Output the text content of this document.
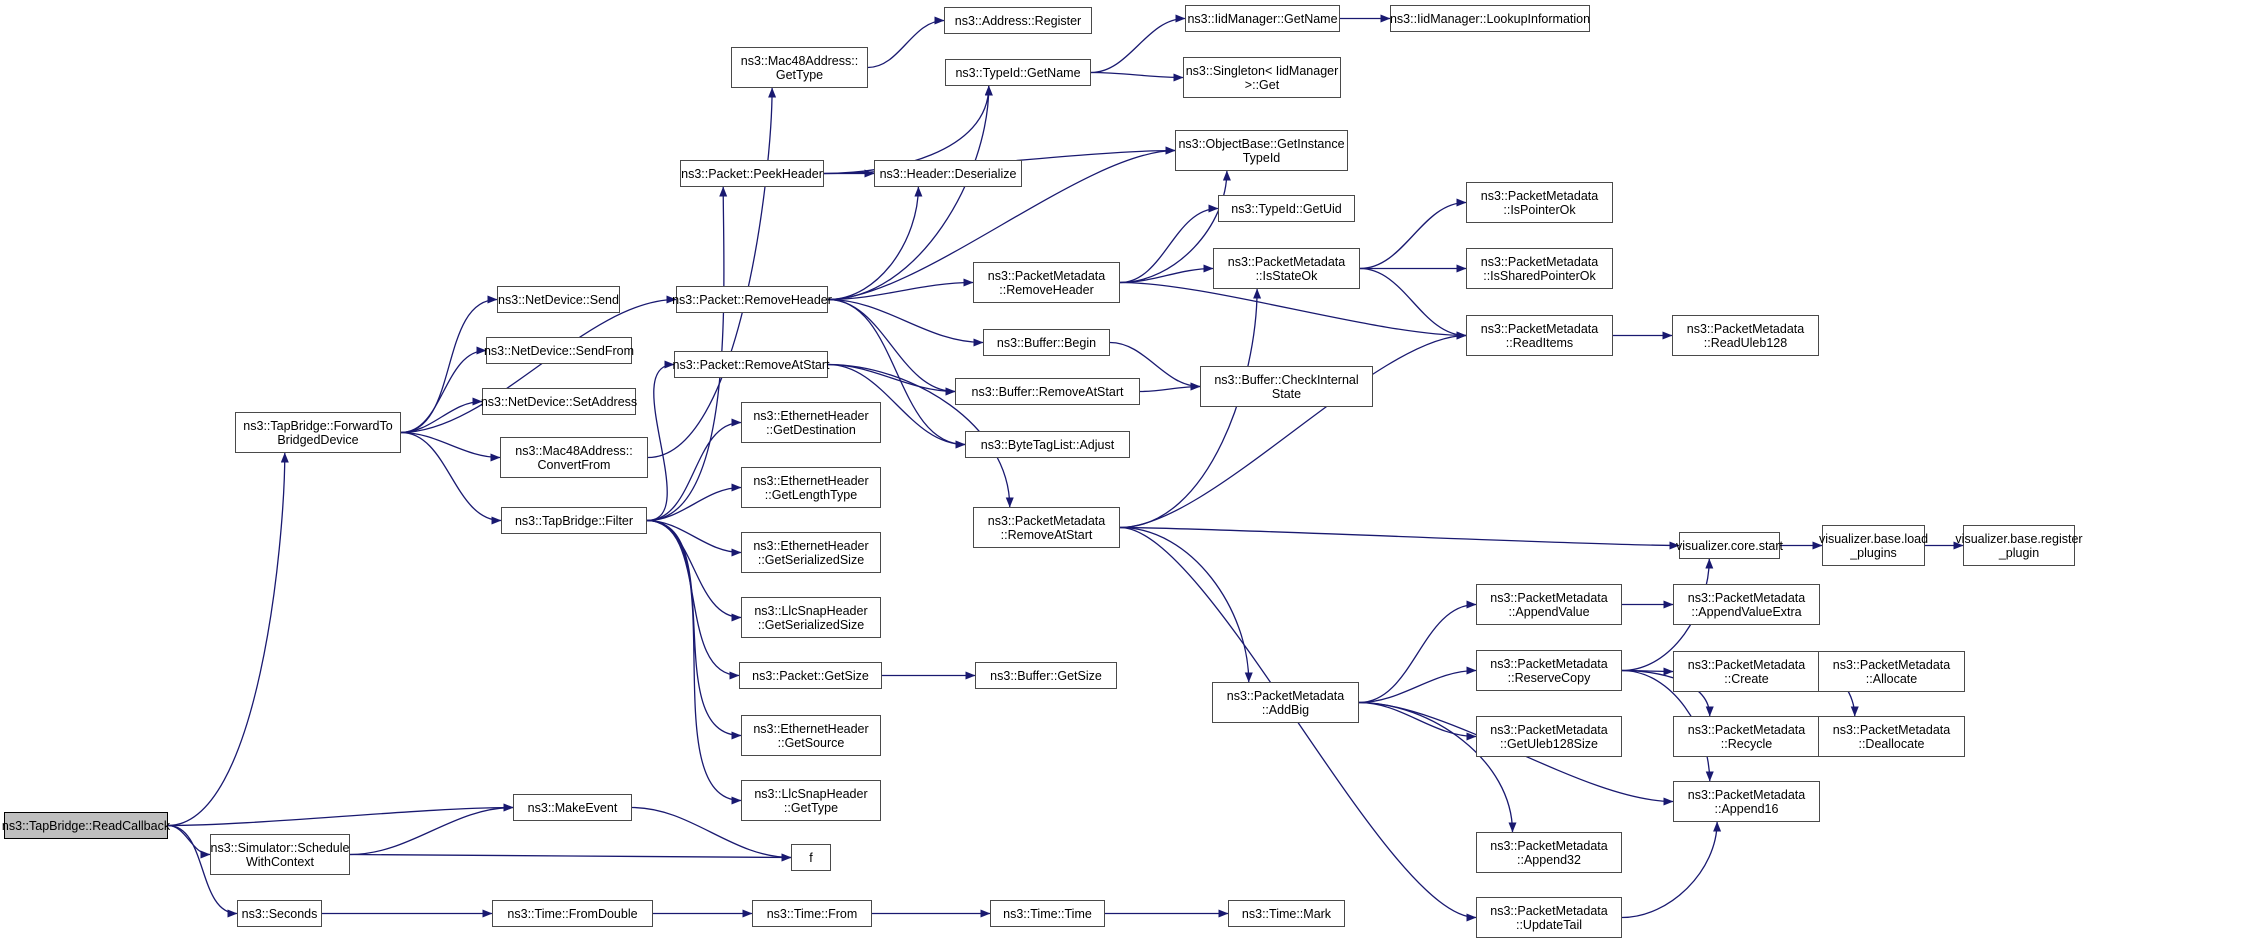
ns3::TapBridge::ReadCallback
ns3::TapBridge::ForwardTo
BridgedDevice
ns3::Simulator::Schedule
WithContext
ns3::Seconds
ns3::NetDevice::Send
ns3::NetDevice::SendFrom
ns3::NetDevice::SetAddress
ns3::Mac48Address::
ConvertFrom
ns3::TapBridge::Filter
ns3::MakeEvent
ns3::Time::FromDouble
ns3::Mac48Address::
GetType
ns3::Packet::PeekHeader
ns3::Packet::RemoveHeader
ns3::Packet::RemoveAtStart
ns3::EthernetHeader
::GetDestination
ns3::EthernetHeader
::GetLengthType
ns3::EthernetHeader
::GetSerializedSize
ns3::LlcSnapHeader
::GetSerializedSize
ns3::Packet::GetSize
ns3::EthernetHeader
::GetSource
ns3::LlcSnapHeader
::GetType
f
ns3::Time::From
ns3::Address::Register
ns3::TypeId::GetName
ns3::Header::Deserialize
ns3::Buffer::Begin
ns3::Buffer::RemoveAtStart
ns3::ByteTagList::Adjust
ns3::PacketMetadata
::RemoveAtStart
ns3::Buffer::GetSize
ns3::Time::Time
ns3::IidManager::GetName	ns3::IidManager::LookupInformation
ns3::Singleton< IidManager
>::Get
ns3::ObjectBase::GetInstance
TypeId
ns3::TypeId::GetUid
ns3::PacketMetadata
::RemoveHeader
ns3::PacketMetadata
::IsStateOk
ns3::Buffer::CheckInternal
State
ns3::PacketMetadata
::IsPointerOk
ns3::PacketMetadata
::IsSharedPointerOk
ns3::PacketMetadata
::ReadItems
ns3::PacketMetadata
::ReadUleb128
visualizer.core.start	visualizer.base.load
_plugins
visualizer.base.register
_plugin
ns3::PacketMetadata
::AppendValue
ns3::PacketMetadata
::AppendValueExtra
ns3::PacketMetadata
::ReserveCopy
ns3::PacketMetadata
::GetUleb128Size
ns3::PacketMetadata
::Create
ns3::PacketMetadata
::Allocate
ns3::PacketMetadata
::Recycle
ns3::PacketMetadata
::Deallocate
ns3::PacketMetadata
::Append16
ns3::PacketMetadata
::AddBig
ns3::PacketMetadata
::Append32
ns3::PacketMetadata
::UpdateTail
ns3::Time::Mark
